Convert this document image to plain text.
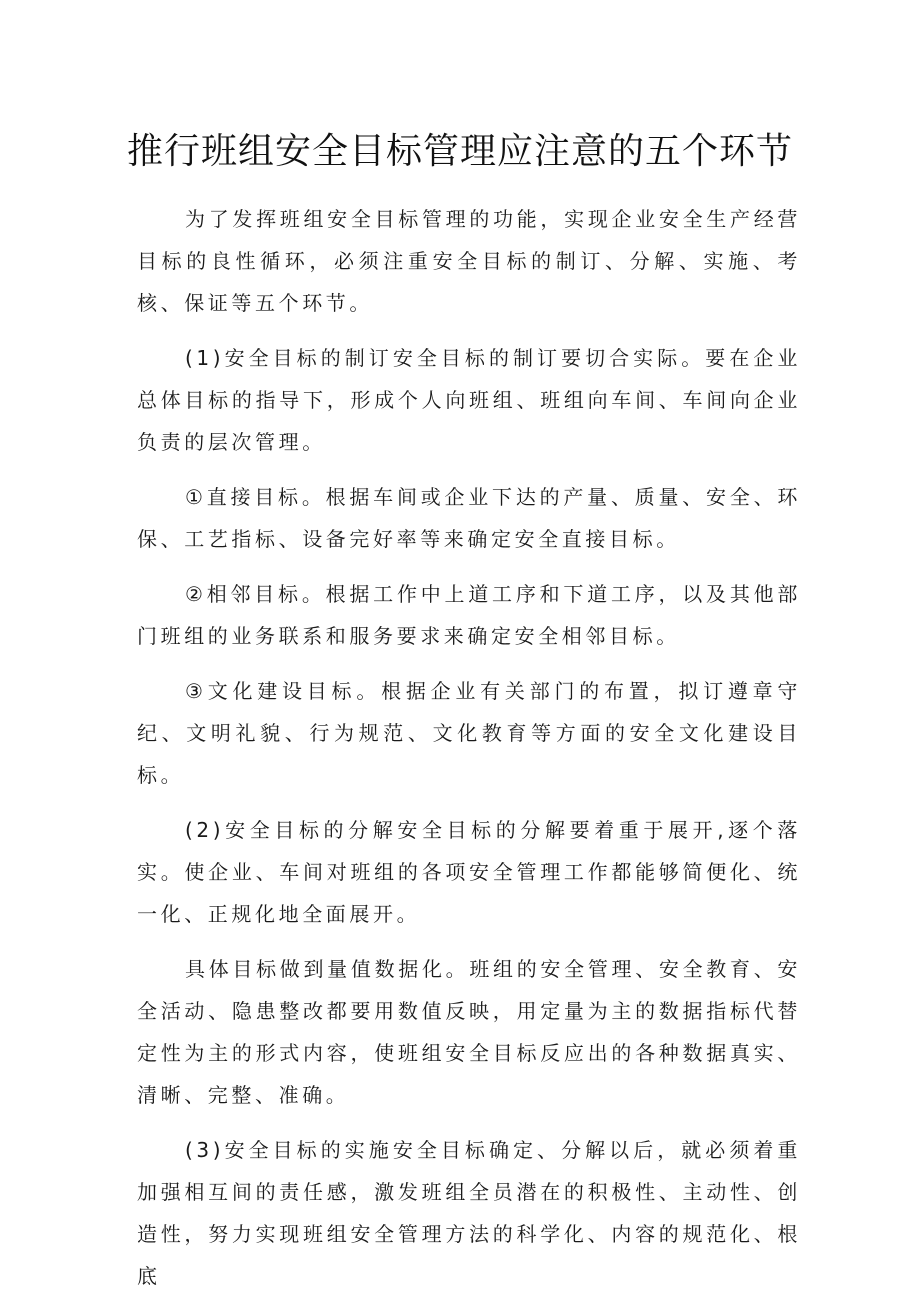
推行班组安全目标管理应注意的五个环节

为了发挥班组安全目标管理的功能，实现企业安全生产经营目标的良性循环，必须注重安全目标的制订、分解、实施、考核、保证等五个环节。

(1)安全目标的制订安全目标的制订要切合实际。要在企业总体目标的指导下，形成个人向班组、班组向车间、车间向企业负责的层次管理。

①直接目标。根据车间或企业下达的产量、质量、安全、环保、工艺指标、设备完好率等来确定安全直接目标。

②相邻目标。根据工作中上道工序和下道工序，以及其他部门班组的业务联系和服务要求来确定安全相邻目标。

③文化建设目标。根据企业有关部门的布置，拟订遵章守纪、文明礼貌、行为规范、文化教育等方面的安全文化建设目标。

(2)安全目标的分解安全目标的分解要着重于展开,逐个落实。使企业、车间对班组的各项安全管理工作都能够简便化、统一化、正规化地全面展开。

具体目标做到量值数据化。班组的安全管理、安全教育、安全活动、隐患整改都要用数值反映，用定量为主的数据指标代替定性为主的形式内容，使班组安全目标反应出的各种数据真实、清晰、完整、准确。

(3)安全目标的实施安全目标确定、分解以后，就必须着重加强相互间的责任感，激发班组全员潜在的积极性、主动性、创造性，努力实现班组安全管理方法的科学化、内容的规范化、根底
